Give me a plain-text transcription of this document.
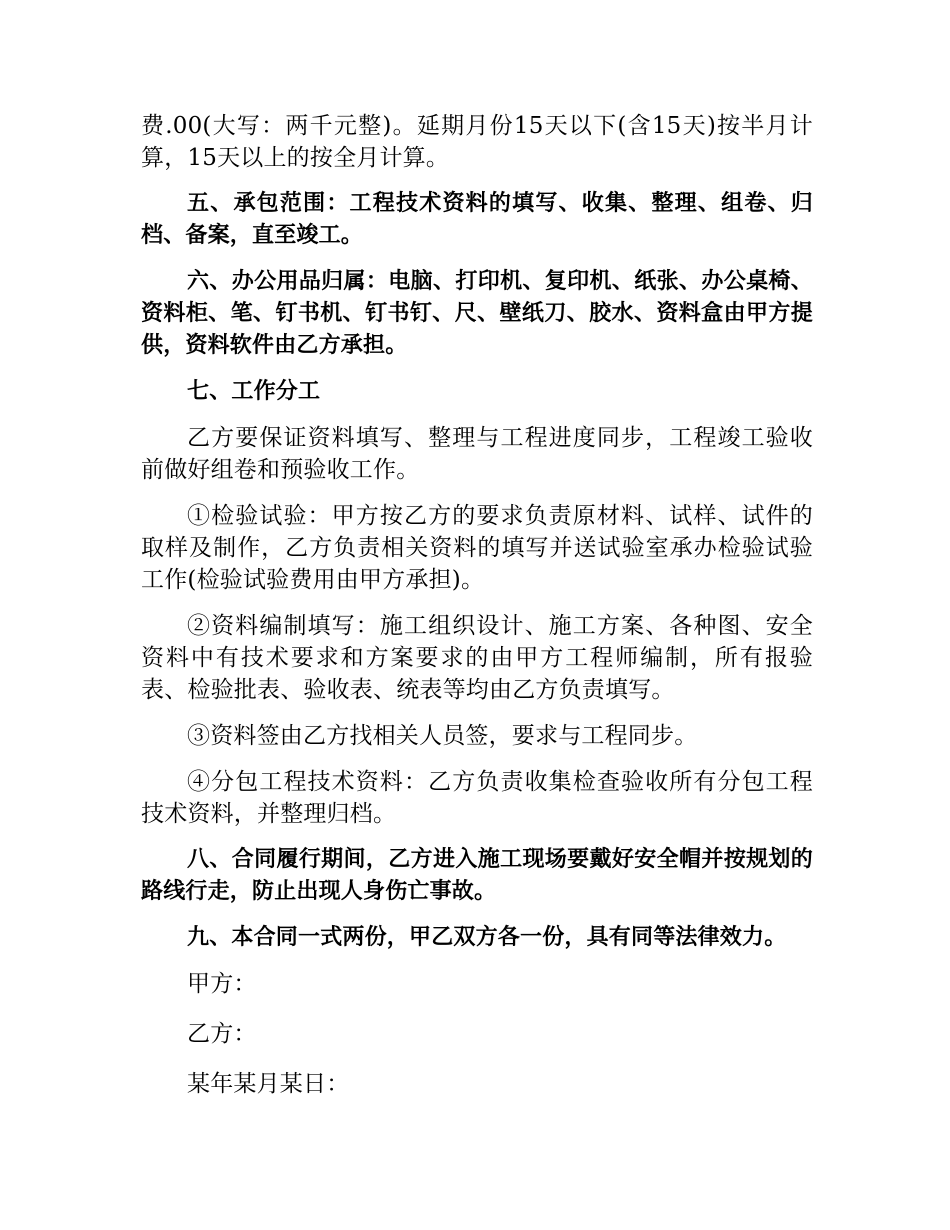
费.00(大写：两千元整)。延期月份15天以下(含15天)按半月计算，15天以上的按全月计算。

五、承包范围：工程技术资料的填写、收集、整理、组卷、归档、备案，直至竣工。

六、办公用品归属：电脑、打印机、复印机、纸张、办公桌椅、资料柜、笔、钉书机、钉书钉、尺、壁纸刀、胶水、资料盒由甲方提供，资料软件由乙方承担。

七、工作分工

乙方要保证资料填写、整理与工程进度同步，工程竣工验收前做好组卷和预验收工作。

①检验试验：甲方按乙方的要求负责原材料、试样、试件的取样及制作，乙方负责相关资料的填写并送试验室承办检验试验工作(检验试验费用由甲方承担)。

②资料编制填写：施工组织设计、施工方案、各种图、安全资料中有技术要求和方案要求的由甲方工程师编制，所有报验表、检验批表、验收表、统表等均由乙方负责填写。

③资料签由乙方找相关人员签，要求与工程同步。

④分包工程技术资料：乙方负责收集检查验收所有分包工程技术资料，并整理归档。

八、合同履行期间，乙方进入施工现场要戴好安全帽并按规划的路线行走，防止出现人身伤亡事故。

九、本合同一式两份，甲乙双方各一份，具有同等法律效力。

甲方：

乙方：

某年某月某日：
